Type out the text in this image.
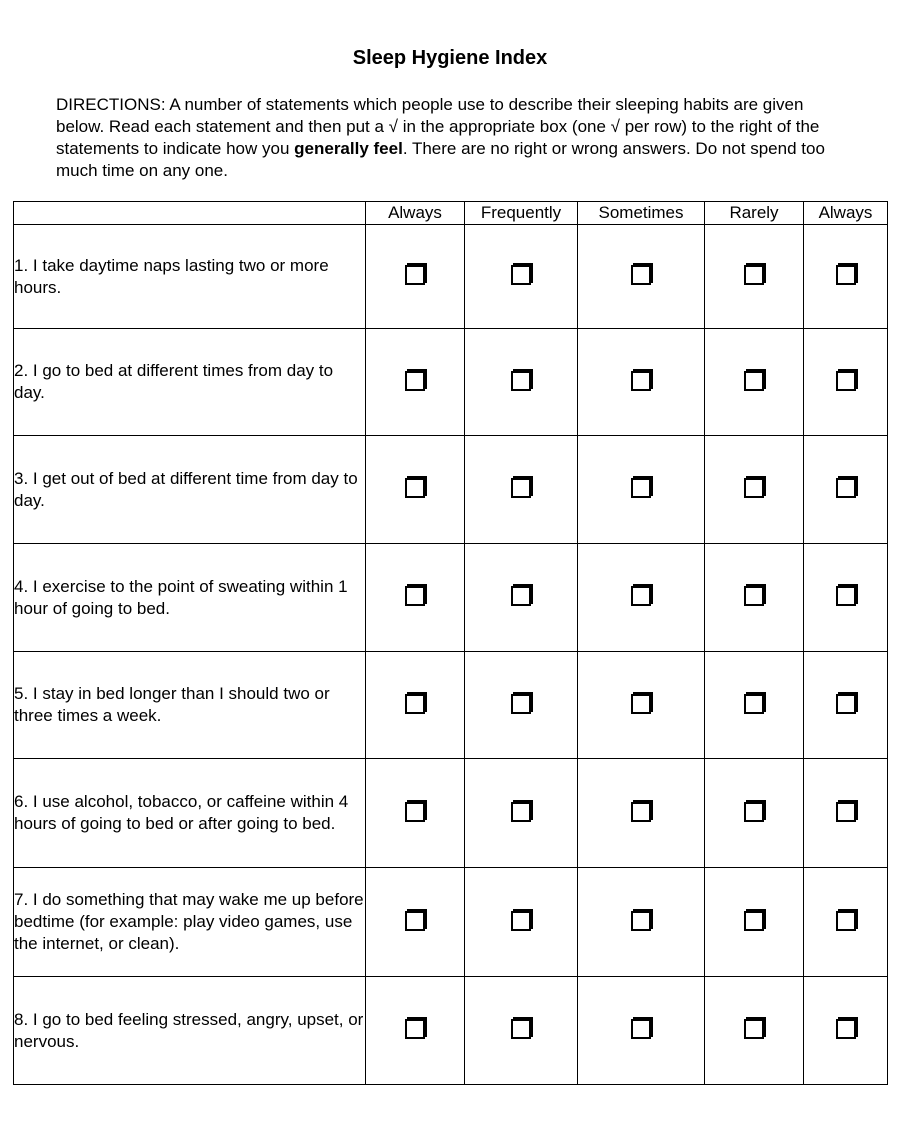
Sleep Hygiene Index
DIRECTIONS: A number of statements which people use to describe their sleeping habits are given below. Read each statement and then put a √ in the appropriate box (one √ per row) to the right of the statements to indicate how you generally feel. There are no right or wrong answers. Do not spend too much time on any one.
	Always	Frequently	Sometimes	Rarely	Always
1. I take daytime naps lasting two or more hours.					
2. I go to bed at different times from day to day.					
3. I get out of bed at different time from day to day.					
4. I exercise to the point of sweating within 1 hour of going to bed.					
5. I stay in bed longer than I should two or three times a week.					
6. I use alcohol, tobacco, or caffeine within 4 hours of going to bed or after going to bed.					
7. I do something that may wake me up before bedtime (for example: play video games, use the internet, or clean).					
8. I go to bed feeling stressed, angry, upset, or nervous.					
